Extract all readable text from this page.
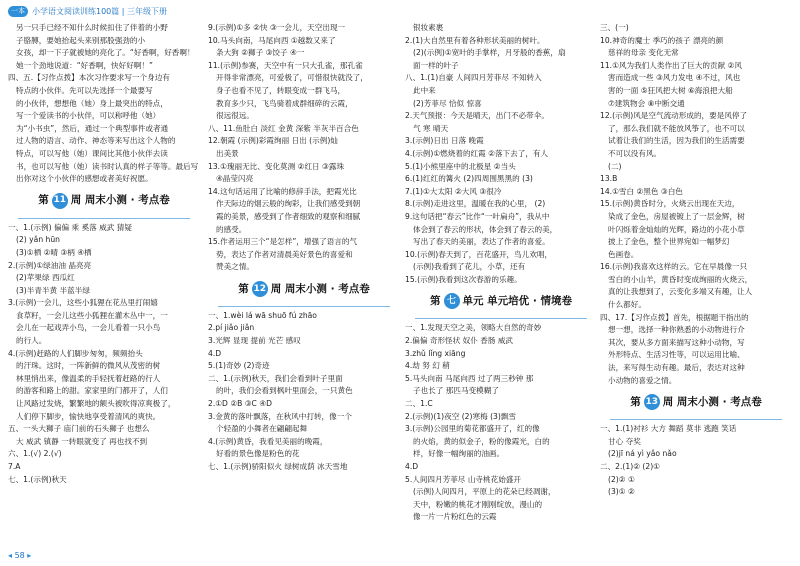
一本 小学语文阅读训练100篇 | 三年级下册

另一只手已经不知什么时候扣住了伴着的小野

子胳膊，要她抬起头来别那股强劲的小

女孩，却一下子就被她的亮化了。“好香啊，好香啊！

她一个劲地说道：“好香啊，快好好啊！”

四、五.【习作点拨】本次习作要求写一个身边有

特点的小伙伴。先可以先选择一个最要写

的小伙伴，想想他（她）身上最突出的特点，

写一个爱读书的小伙伴，可以称呼他（她）

为“小书虫”，然后，通过一个典型事件或者通

过人物的语言、动作、神态等来写出这个人物的

特点，可以写他（她）课间比其他小伙伴去读

书，也可以写他（她）读书时认真的样子等等。最后写

出你对这个小伙伴的感想或者美好祝愿。

第 11 周 周末小测 · 考点卷

一、1.(示例) 偏偏 乘 奚落 威武 猜疑

(2) yǎn hūn

(3)①栖 ②晴 ③柄 ④栖

2.(示例)①绿油油 晶亮亮

(2)苹果绿 西瓜红

(3)半青半黄 半蓝半绿

3.(示例)一会儿，这些小狐狸在花丛里打闹嬉

食草籽，一会儿这些小狐狸在灌木丛中一，一

会儿在一起戏弄小鸟，一会儿看着一只小鸟

的行人。

4.(示例)赶路的人们脚步匆匆，频频抬头

的汗珠。这时，一阵新鲜的微风从茂密的树

林里悄出来，像温柔的手轻抚着赶路的行人

的游客和路上的甜。家家里的门都开了，人们

让风路过发烧，繁繁地的额头被吹得凉爽极了，

人们停下脚步，愉快地享受着清风的爽快。

五、一头大狮子 庙门前的石头狮子 也想么

大 威武 镇静 一转眼就变了 再也找不到

六、1.(√) 2.(√)

7.A

七、1.(示例)秋天

9.(示例)①多 ②快 ③一会儿，天空出现一

10.马头向南，马尾向西 ①越数又来了

条大狗 ②狮子 ③饺子 ④一

11.(示例)参赛，天空中有一只大孔雀，那孔雀

开得非常漂亮，可爱极了，可惜很快就没了，

身子也看不见了，转眼变成一群飞马，

教育多少只，飞鸟骑着成群细碎的云霞，

很远很远。

八、11.鱼肚白 淡红 金黄 深紫 半灰半百合色

12.朝霞 (示例)彩霞绚丽 日出 (示例)灿

出美景

13.①瑰丽无比、变化莫测 ②红日 ③露珠

④晶莹闪亮

14.这句话运用了比喻的修辞手法，把霞光比

作天际边的烟云般的绚彩，让我们感受到朝

霞的美景，感受到了作者细致的观察和细腻

的感受。

15.作者运用三个“是怎样”，增强了语言的气

势，表达了作者对清晨美好景色的喜爱和

赞美之情。

第 12 周 周末小测 · 考点卷

一、1.wèi lá wā shuō fú zhāo

2.pí jiǎo jiǎn

3.光辉 显现 提前 光芒 感叹

4.D

5.(1)奇妙 (2)奇迹

二、1.(示例)秋天，我们会看到叶子里面

的叶，我们会看到枫叶里面会，一只黄色

2.①D ②B ③C ④D

3.金黄的落叶飘落，在秋风中打转，像一个

个轻盈的小舞者在翩翩起舞

4.(示例)黄昏，我看见美丽的晚霞，

好看的景色像是粉色的花

七、1.(示例)骄阳似火 绿树成荫 冰天雪地

银妆素裹

2.(1)大自然里有着各种形状美丽的树叶。

(2)(示例)①宽叶的手掌样，月牙般的香蕉，扇

面一样的叶子

八、1.(1)自豪 人间四月芳菲尽 不知转入

此中来

(2)芳菲尽 恰似 惊喜

2.天气预报：今天是晴天，出门不必带伞。

气 寒 晴天

3.(示例)日出 日落 晚霞

4.(示例)①燃烧着的红霞 ②落下去了，有人

5.(1)小熊里座中的北极星 ②当头

6.(1)红红的篝火 (2)四周围黑黑的 (3)

7.(1)①大太阳 ②大风 ③很冷

8.(示例)走进这里，温暖在我的心里， (2)

9.这句话把“春云”比作“一叶扁舟”，我从中

体会到了春云的形状，体会到了春云的美，

写出了春天的美丽，表达了作者的喜爱。

10.(示例)春天到了，百花盛开，鸟儿欢唱，

(示例)我看到了花儿，小草，还有

15.(示例)我看到这次春游的乐趣。

第 七 单元 单元培优 · 情境卷

一、1.发现天空之美，领略大自然的奇妙

2.偏偏 奇形怪状 奴仆 香肠 威武

3.zhǔ lǐng xiāng

4.劫 努 幻 稍

5.马头向南 马尾向西 过了两三秒钟 那

子也长了 那匹马变模糊了

二、1.C

2.(示例)(1)夜空 (2)寒梅 (3)飘雪

3.(示例)公园里的菊花都盛开了，红的像

的火焰，黄的似金子，粉的像霞光，白的

样，好像一幅绚丽的油画。

4.D

5.人间四月芳菲尽 山寺桃花始盛开

(示例)人间四月，平原上的花朵已经凋谢，

天中，粉嫩的桃花才刚刚绽放，漫山的

像一片一片粉红色的云霞

三、(一)

10.神奇的魔士 季巧的孩子 漂亮的颜

慈祥的母亲 变化无常

11.①风为我们人类作出了巨大的贡献 ②风

害而造成一些 ③风力发电 ④不过，风也

害的一面 ⑤狂风把大树 ⑥海浪把大船

⑦建筑物会 ⑧中断交通

12.(示例)风是空气流动形成的，要是风停了

了，那么我们就不能放风筝了，也不可以

试着让我们的生活，因为我们的生活需要

不可以没有风。

(二)

13.B

14.①雪白 ②黑色 ③白色

15.(示例)黄昏时分，火烧云出现在天边，

染成了金色，房屋被镀上了一层金辉，树

叶闪烁着金灿灿的光辉，路边的小花小草

披上了金色，整个世界宛如一幅梦幻

色画卷。

16.(示例)我喜欢这样的云。它在早晨像一只

雪白的小山羊，黄昏时变成绚丽的火烧云，

真的让我想到了，云变化多端又有趣，让人

什么都好。

四、17.【习作点拨】首先，根据题干指出的

想一想，选择一种你熟悉的小动物进行介

其次，要从多方面来描写这种小动物，写

外形特点、生活习性等，可以运用比喻、

法，来写得生动有趣。最后，表达对这种

小动物的喜爱之情。

第 13 周 周末小测 · 考点卷

一、1.(1)衬衫 大方 舞蹈 莫非 逃跑 笑话

甘心 夺奖

(2)jī ná yì yǎo nǎo

二、2.(1)② (2)①

(2)② ①

(3)① ②

◂ 58 ▸
